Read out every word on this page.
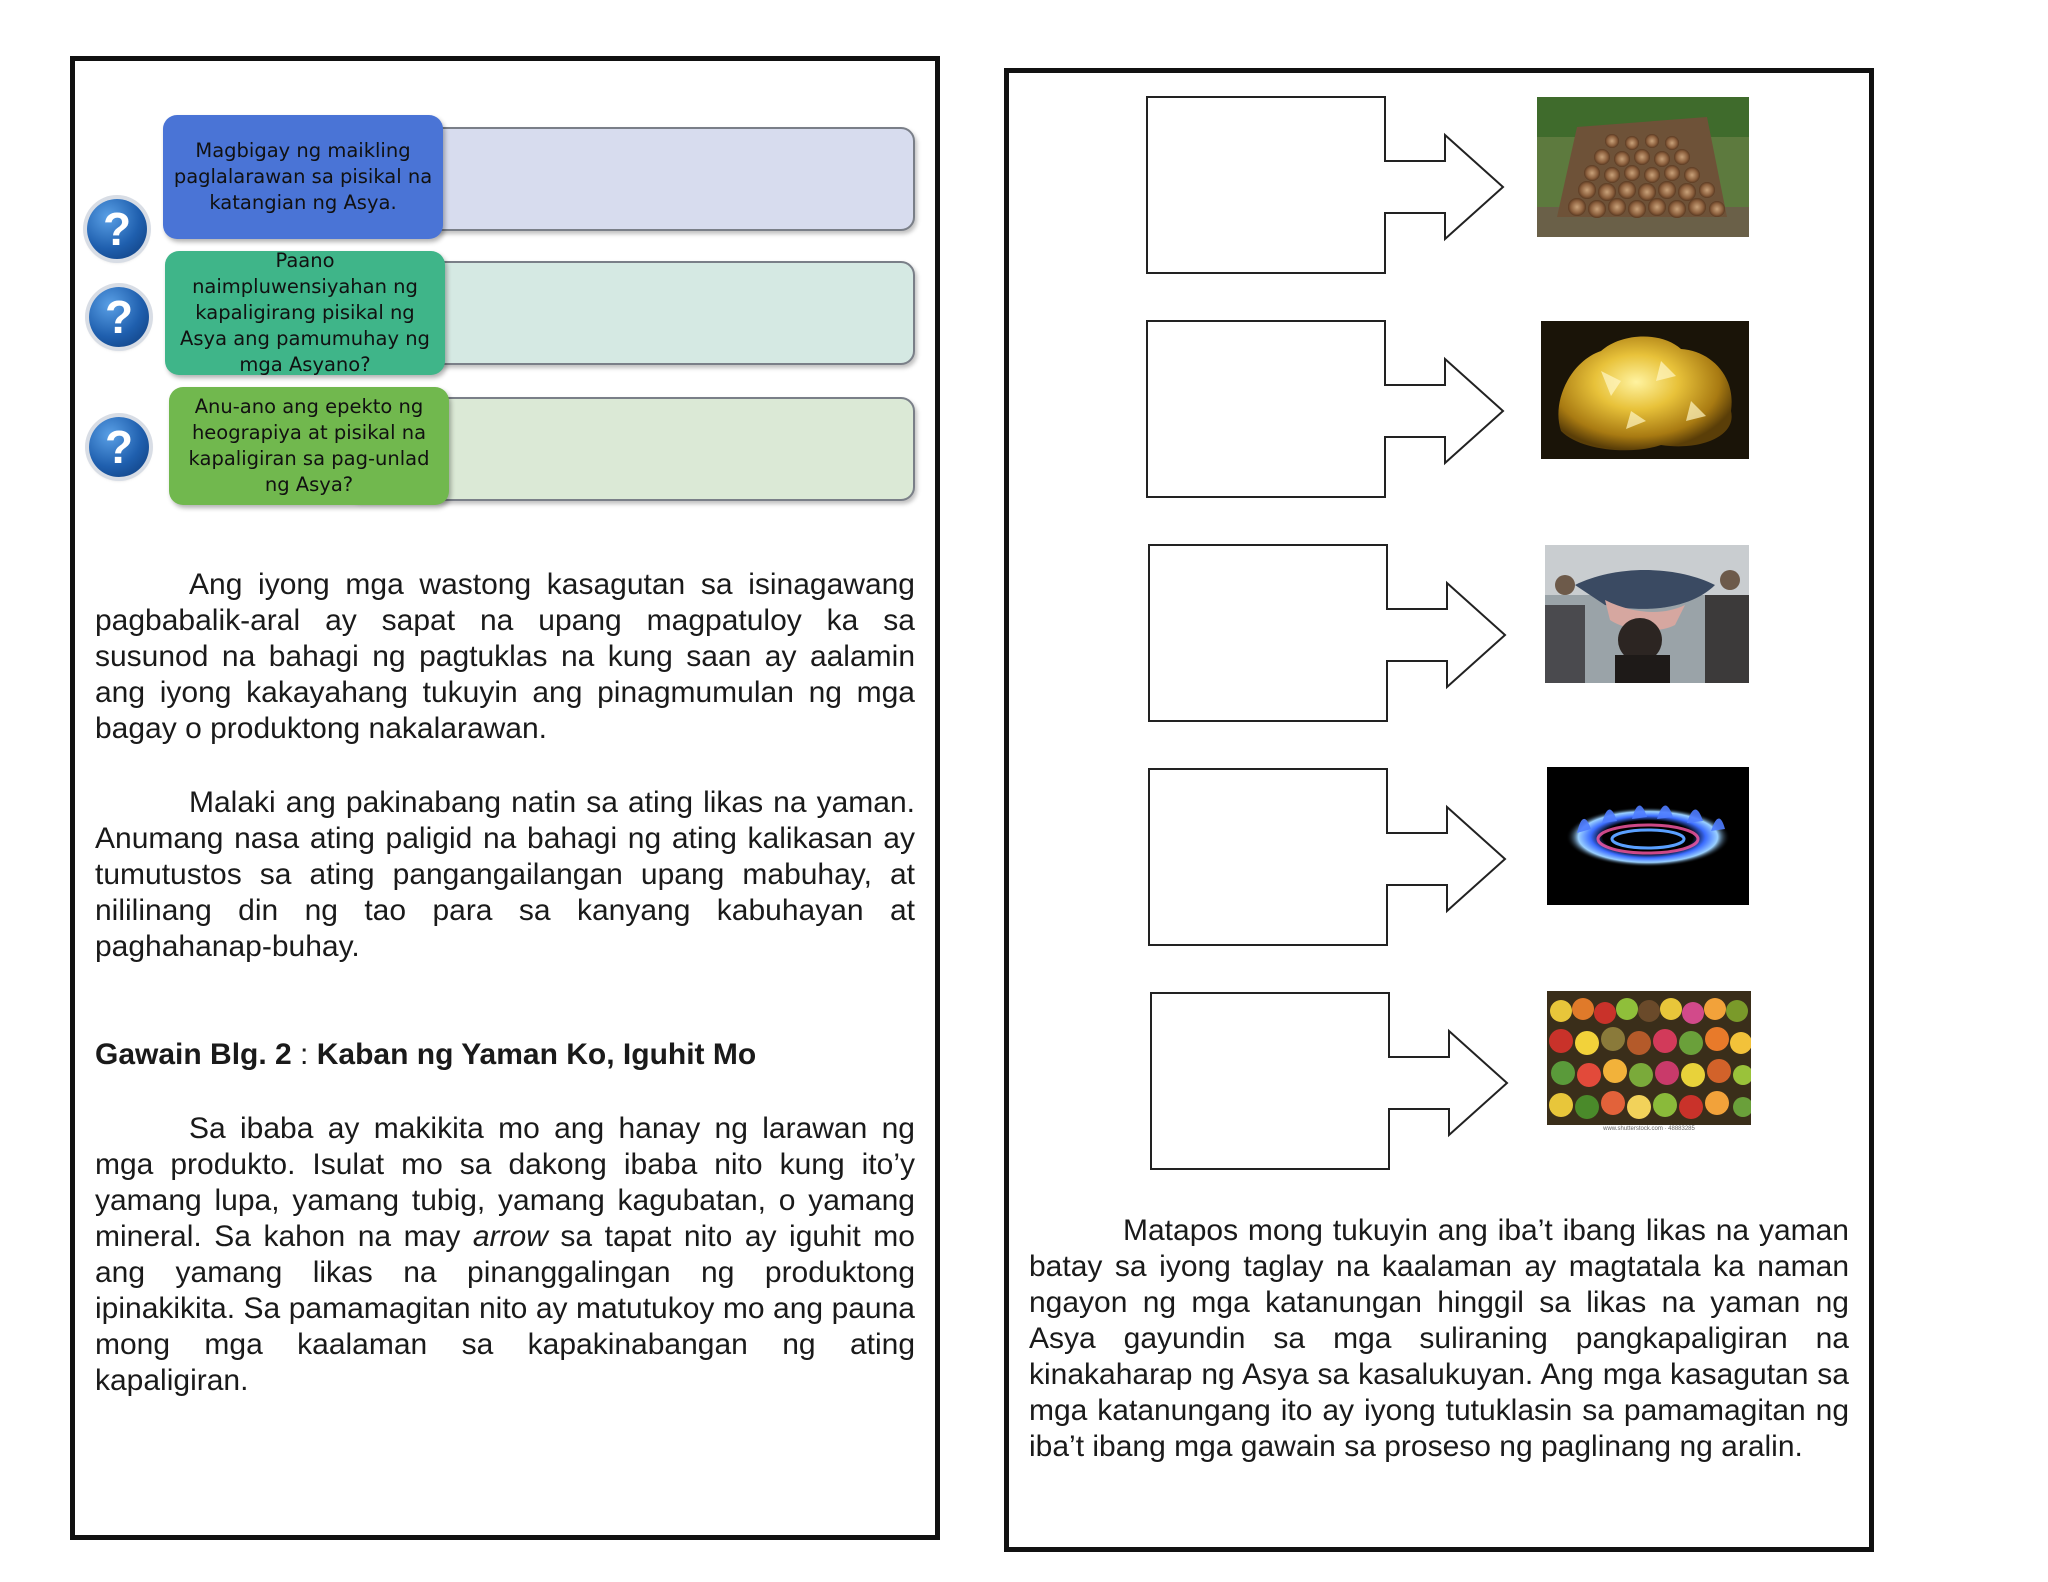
Magbigay ng maikling paglalarawan sa pisikal na katangian ng Asya.
?
Paano naimpluwensiyahan ng kapaligirang pisikal ng Asya ang pamumuhay ng mga Asyano?
?
Anu-ano ang epekto ng heograpiya at pisikal na kapaligiran sa pag-unlad ng Asya?
?

Ang iyong mga wastong kasagutan sa isinagawang pagbabalik-aral ay sapat na upang magpatuloy ka sa susunod na bahagi ng pagtuklas na kung saan ay aalamin ang iyong kakayahang tukuyin ang pinagmumulan ng mga bagay o produktong nakalarawan.

Malaki ang pakinabang natin sa ating likas na yaman. Anumang nasa ating paligid na bahagi ng ating kalikasan ay tumutustos sa ating pangangailangan upang mabuhay, at nililinang din ng tao para sa kanyang kabuhayan at paghahanap-buhay.

Gawain Blg. 2 : Kaban ng Yaman Ko, Iguhit Mo

Sa ibaba ay makikita mo ang hanay ng larawan ng mga produkto. Isulat mo sa dakong ibaba nito kung ito’y yamang lupa, yamang tubig, yamang kagubatan, o yamang mineral. Sa kahon na may arrow sa tapat nito ay iguhit mo ang yamang likas na pinanggalingan ng produktong ipinakikita. Sa pamamagitan nito ay matutukoy mo ang pauna mong mga kaalaman sa kapakinabangan ng ating kapaligiran.

www.shutterstock.com · 48883285

Matapos mong tukuyin ang iba’t ibang likas na yaman batay sa iyong taglay na kaalaman ay magtatala ka naman ngayon ng mga katanungan hinggil sa likas na yaman ng Asya gayundin sa mga suliraning pangkapaligiran na kinakaharap ng Asya sa kasalukuyan. Ang mga kasagutan sa mga katanungang ito ay iyong tutuklasin sa pamamagitan ng iba’t ibang mga gawain sa proseso ng paglinang ng aralin.
